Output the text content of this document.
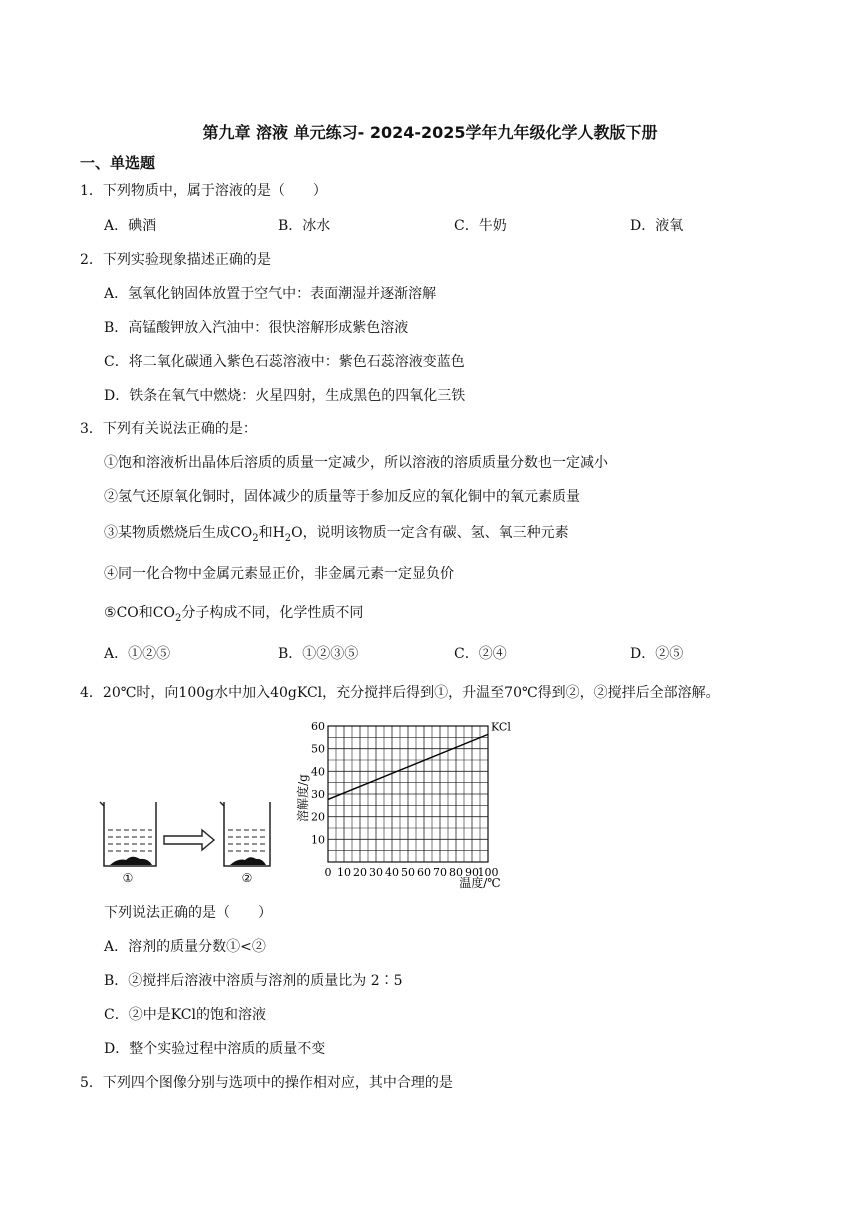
第九章 溶液 单元练习- 2024-2025学年九年级化学人教版下册
一、单选题
1．下列物质中，属于溶液的是（　　）
A．碘酒	B．冰水	C．牛奶	D．液氧
2．下列实验现象描述正确的是
A．氢氧化钠固体放置于空气中：表面潮湿并逐渐溶解
B．高锰酸钾放入汽油中：很快溶解形成紫色溶液
C．将二氧化碳通入紫色石蕊溶液中：紫色石蕊溶液变蓝色
D．铁条在氧气中燃烧：火星四射，生成黑色的四氧化三铁
3．下列有关说法正确的是：
①饱和溶液析出晶体后溶质的质量一定减少，所以溶液的溶质质量分数也一定减小
②氢气还原氧化铜时，固体减少的质量等于参加反应的氧化铜中的氧元素质量
③某物质燃烧后生成$CO_2$和$H_2O$，说明该物质一定含有碳、氢、氧三种元素
④同一化合物中金属元素显正价，非金属元素一定显负价
⑤CO和$CO_2$分子构成不同，化学性质不同
A．①②⑤	B．①②③⑤	C．②④	D．②⑤
4．20℃时，向100g水中加入40gKCl，充分搅拌后得到①，升温至70℃得到②，②搅拌后全部溶解。
①	②	0 10 20 30 40 50 60 70 80 90
100
10
20
30
40
50
60	KCl
温度/℃
溶解度/g
下列说法正确的是（　　）
A．溶剂的质量分数①<②
B．②搅拌后溶液中溶质与溶剂的质量比为 2∶5
C．②中是KCl的饱和溶液
D．整个实验过程中溶质的质量不变
5．下列四个图像分别与选项中的操作相对应，其中合理的是
